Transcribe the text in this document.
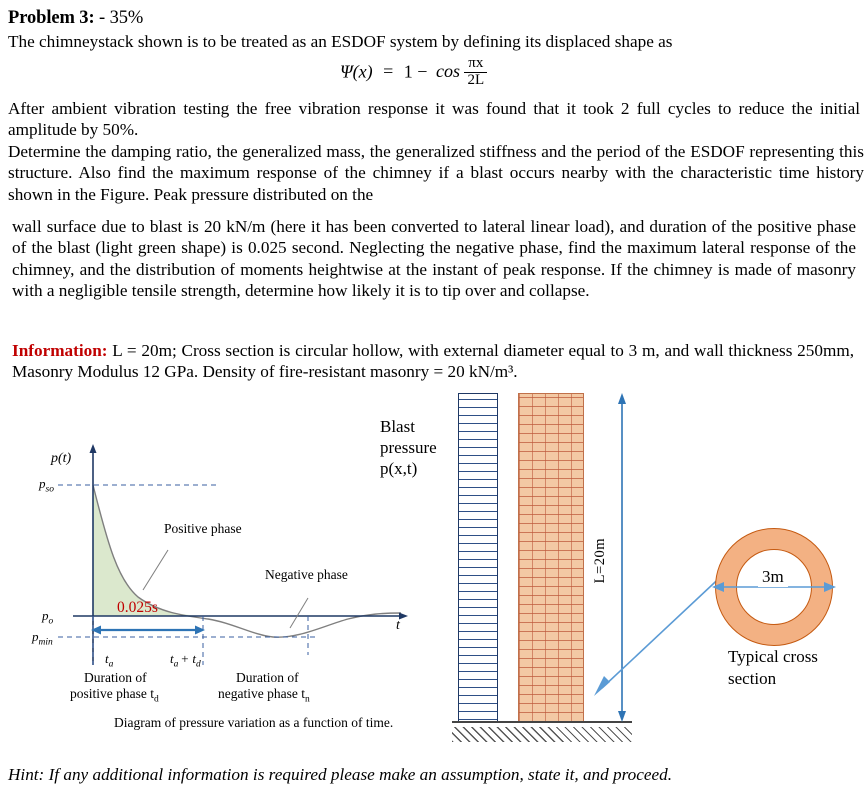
Problem 3: - 35%
The chimneystack shown is to be treated as an ESDOF system by defining its displaced shape as
$\Psi(x) = 1 - \cos \frac{\pi x}{2L}$
After ambient vibration testing the free vibration response it was found that it took 2 full cycles to reduce the initial amplitude by 50%.
Determine the damping ratio, the generalized mass, the generalized stiffness and the period of the ESDOF representing this structure. Also find the maximum response of the chimney if a blast occurs nearby with the characteristic time history shown in the Figure. Peak pressure distributed on the
wall surface due to blast is 20 kN/m (here it has been converted to lateral linear load), and duration of the positive phase of the blast (light green shape) is 0.025 second. Neglecting the negative phase, find the maximum lateral response of the chimney, and the distribution of moments heightwise at the instant of peak response. If the chimney is made of masonry with a negligible tensile strength, determine how likely it is to tip over and collapse.
Information: L = 20m; Cross section is circular hollow, with external diameter equal to 3 m, and wall thickness 250mm, Masonry Modulus 12 GPa. Density of fire-resistant masonry = 20 kN/m³.
p(t)
t
$p_{so}$
$p_o$
$p_{min}$
Positive phase
Negative phase
0.025s
$t_a$	$t_a + t_d$
Duration of
positive phase $t_d$
Duration of
negative phase $t_n$
Diagram of pressure variation as a function of time.
L=20m
Blast
pressure
p(x,t)
3m
Typical cross
section
Hint: If any additional information is required please make an assumption, state it, and proceed.
